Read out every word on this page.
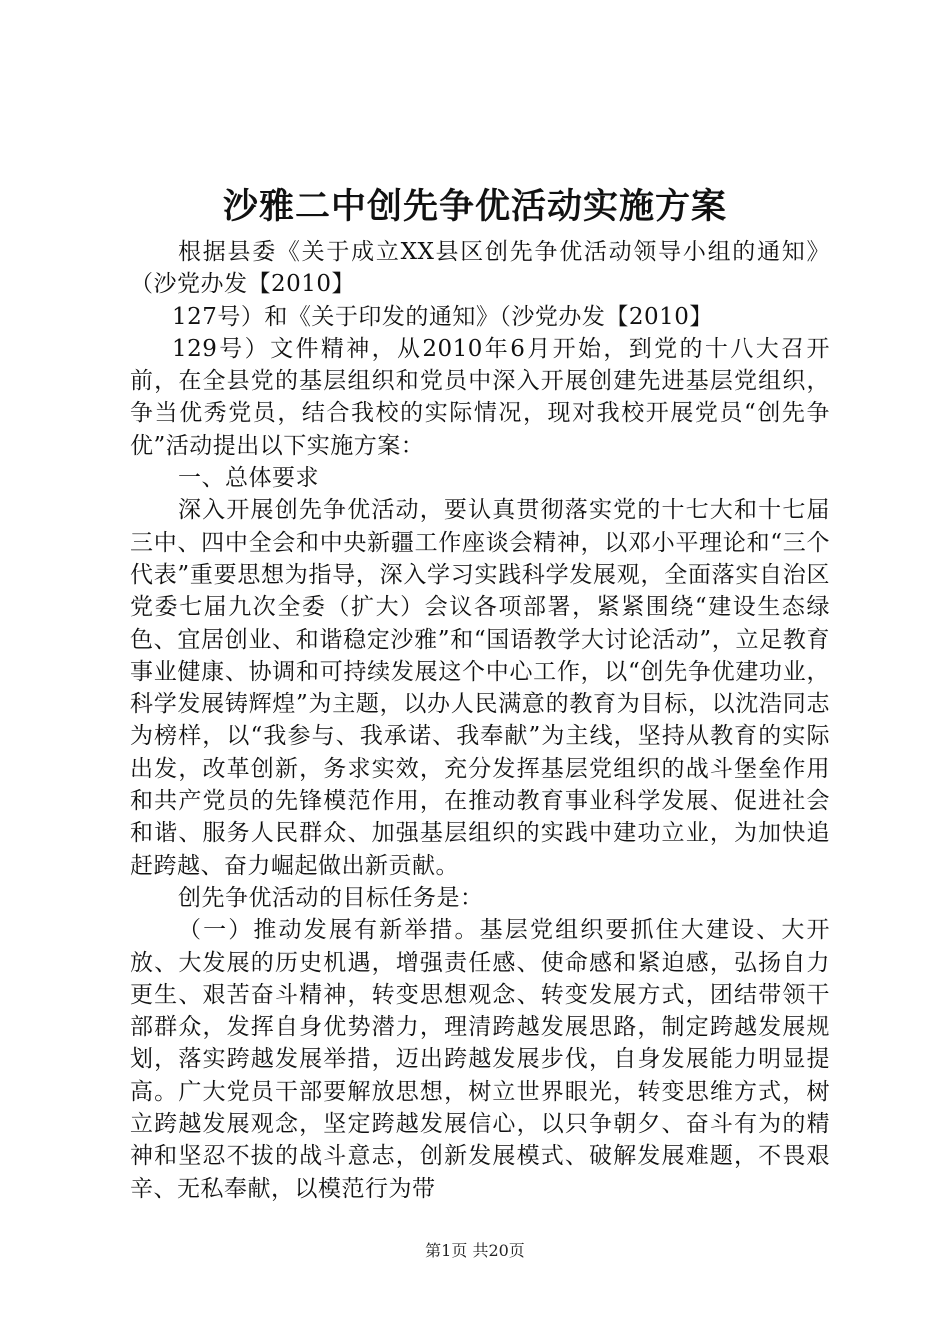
沙雅二中创先争优活动实施方案

根据县委《关于成立XX县区创先争优活动领导小组的通知》（沙党办发【2010】

127号）和《关于印发的通知》（沙党办发【2010】

129号）文件精神，从2010年6月开始，到党的十八大召开前，在全县党的基层组织和党员中深入开展创建先进基层党组织，争当优秀党员，结合我校的实际情况，现对我校开展党员“创先争优”活动提出以下实施方案：

一、总体要求

深入开展创先争优活动，要认真贯彻落实党的十七大和十七届三中、四中全会和中央新疆工作座谈会精神，以邓小平理论和“三个代表”重要思想为指导，深入学习实践科学发展观，全面落实自治区党委七届九次全委（扩大）会议各项部署，紧紧围绕“建设生态绿色、宜居创业、和谐稳定沙雅”和“国语教学大讨论活动”，立足教育事业健康、协调和可持续发展这个中心工作，以“创先争优建功业，科学发展铸辉煌”为主题，以办人民满意的教育为目标，以沈浩同志为榜样，以“我参与、我承诺、我奉献”为主线，坚持从教育的实际出发，改革创新，务求实效，充分发挥基层党组织的战斗堡垒作用和共产党员的先锋模范作用，在推动教育事业科学发展、促进社会和谐、服务人民群众、加强基层组织的实践中建功立业，为加快追赶跨越、奋力崛起做出新贡献。

创先争优活动的目标任务是：

（一）推动发展有新举措。基层党组织要抓住大建设、大开放、大发展的历史机遇，增强责任感、使命感和紧迫感，弘扬自力更生、艰苦奋斗精神，转变思想观念、转变发展方式，团结带领干部群众，发挥自身优势潜力，理清跨越发展思路，制定跨越发展规划，落实跨越发展举措，迈出跨越发展步伐，自身发展能力明显提高。广大党员干部要解放思想，树立世界眼光，转变思维方式，树立跨越发展观念，坚定跨越发展信心，以只争朝夕、奋斗有为的精神和坚忍不拔的战斗意志，创新发展模式、破解发展难题，不畏艰辛、无私奉献，以模范行为带

第1页 共20页
